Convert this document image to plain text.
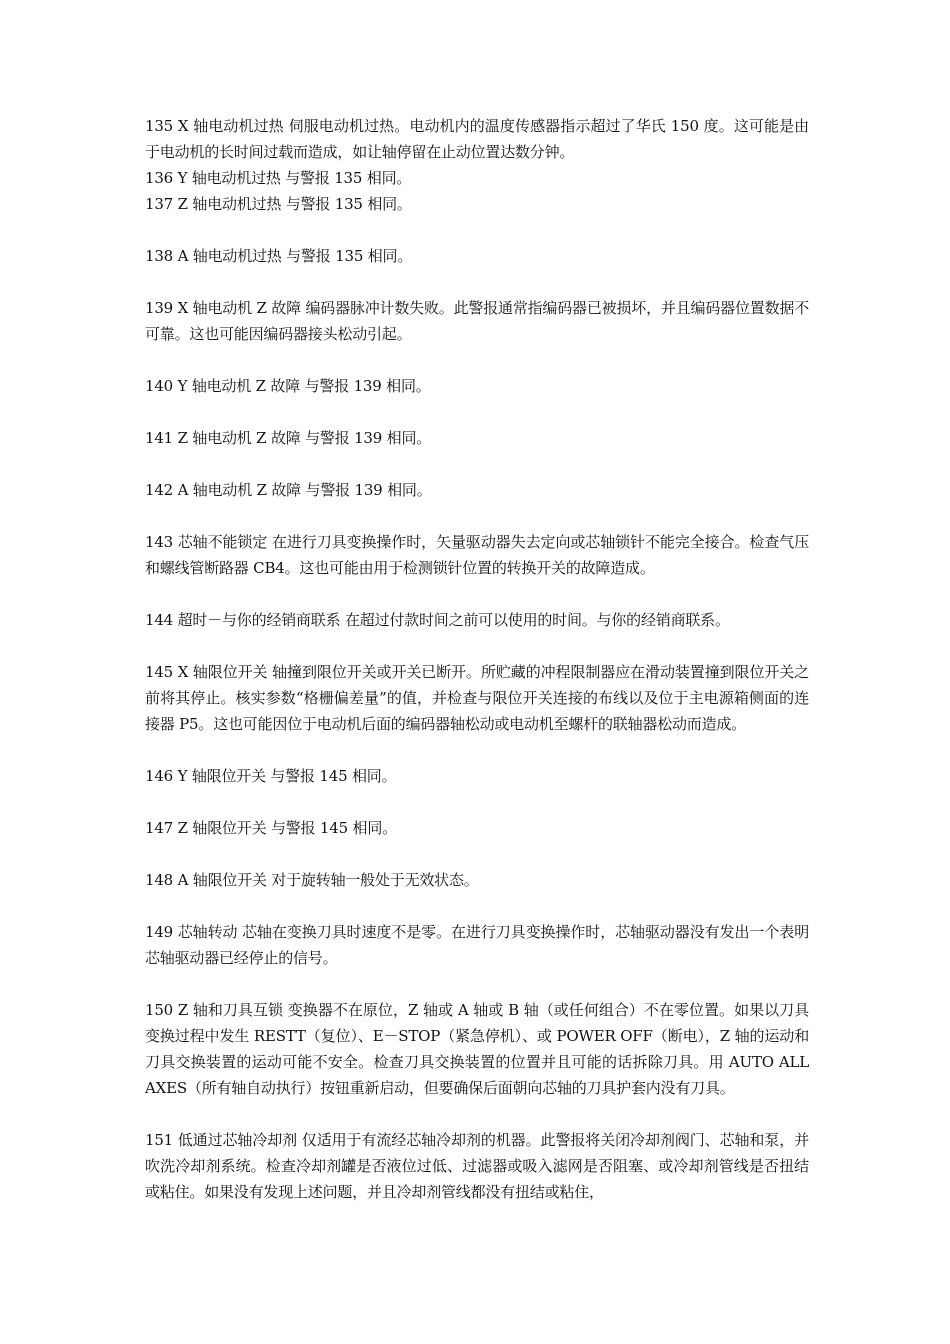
135 X 轴电动机过热 伺服电动机过热。电动机内的温度传感器指示超过了华氏 150 度。这可能是由于电动机的长时间过载而造成，如让轴停留在止动位置达数分钟。

136 Y 轴电动机过热 与警报 135 相同。

137 Z 轴电动机过热 与警报 135 相同。

138 A 轴电动机过热 与警报 135 相同。

139 X 轴电动机 Z 故障 编码器脉冲计数失败。此警报通常指编码器已被损坏，并且编码器位置数据不可靠。这也可能因编码器接头松动引起。

140 Y 轴电动机 Z 故障 与警报 139 相同。

141 Z 轴电动机 Z 故障 与警报 139 相同。

142 A 轴电动机 Z 故障 与警报 139 相同。

143 芯轴不能锁定 在进行刀具变换操作时，矢量驱动器失去定向或芯轴锁针不能完全接合。检查气压和螺线管断路器 CB4。这也可能由用于检测锁针位置的转换开关的故障造成。

144 超时－与你的经销商联系 在超过付款时间之前可以使用的时间。与你的经销商联系。

145 X 轴限位开关 轴撞到限位开关或开关已断开。所贮藏的冲程限制器应在滑动装置撞到限位开关之前将其停止。核实参数“格栅偏差量”的值，并检查与限位开关连接的布线以及位于主电源箱侧面的连接器 P5。这也可能因位于电动机后面的编码器轴松动或电动机至螺杆的联轴器松动而造成。

146 Y 轴限位开关 与警报 145 相同。

147 Z 轴限位开关 与警报 145 相同。

148 A 轴限位开关 对于旋转轴一般处于无效状态。

149 芯轴转动 芯轴在变换刀具时速度不是零。在进行刀具变换操作时，芯轴驱动器没有发出一个表明芯轴驱动器已经停止的信号。

150 Z 轴和刀具互锁 变换器不在原位，Z 轴或 A 轴或 B 轴（或任何组合）不在零位置。如果以刀具变换过程中发生 RESTT（复位）、E－STOP（紧急停机）、或 POWER OFF（断电），Z 轴的运动和刀具交换装置的运动可能不安全。检查刀具交换装置的位置并且可能的话拆除刀具。用 AUTO ALL AXES（所有轴自动执行）按钮重新启动，但要确保后面朝向芯轴的刀具护套内没有刀具。

151 低通过芯轴冷却剂 仅适用于有流经芯轴冷却剂的机器。此警报将关闭冷却剂阀门、芯轴和泵，并吹洗冷却剂系统。检查冷却剂罐是否液位过低、过滤器或吸入滤网是否阻塞、或冷却剂管线是否扭结或粘住。如果没有发现上述问题，并且冷却剂管线都没有扭结或粘住，
